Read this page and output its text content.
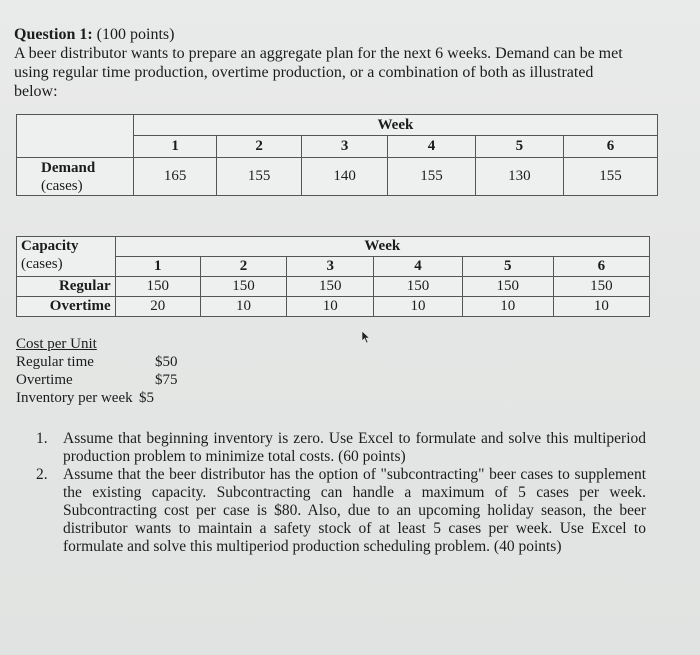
Question 1: (100 points)
A beer distributor wants to prepare an aggregate plan for the next 6 weeks. Demand can be met
using regular time production, overtime production, or a combination of both as illustrated
below:
	Week					
	1	2	3	4	5	6
Demand
(cases)	165	155	140	155	130	155
Capacity
(cases)	Week					
	1	2	3	4	5	6
Regular	150	150	150	150	150	150
Overtime	20	10	10	10	10	10
Cost per Unit
Regular time	$50
Overtime	$75
Inventory per week $5
1. Assume that beginning inventory is zero. Use Excel to formulate and solve this multiperiod production problem to minimize total costs. (60 points)
2. Assume that the beer distributor has the option of "subcontracting" beer cases to supplement the existing capacity. Subcontracting can handle a maximum of 5 cases per week. Subcontracting cost per case is $80. Also, due to an upcoming holiday season, the beer distributor wants to maintain a safety stock of at least 5 cases per week. Use Excel to formulate and solve this multiperiod production scheduling problem. (40 points)
